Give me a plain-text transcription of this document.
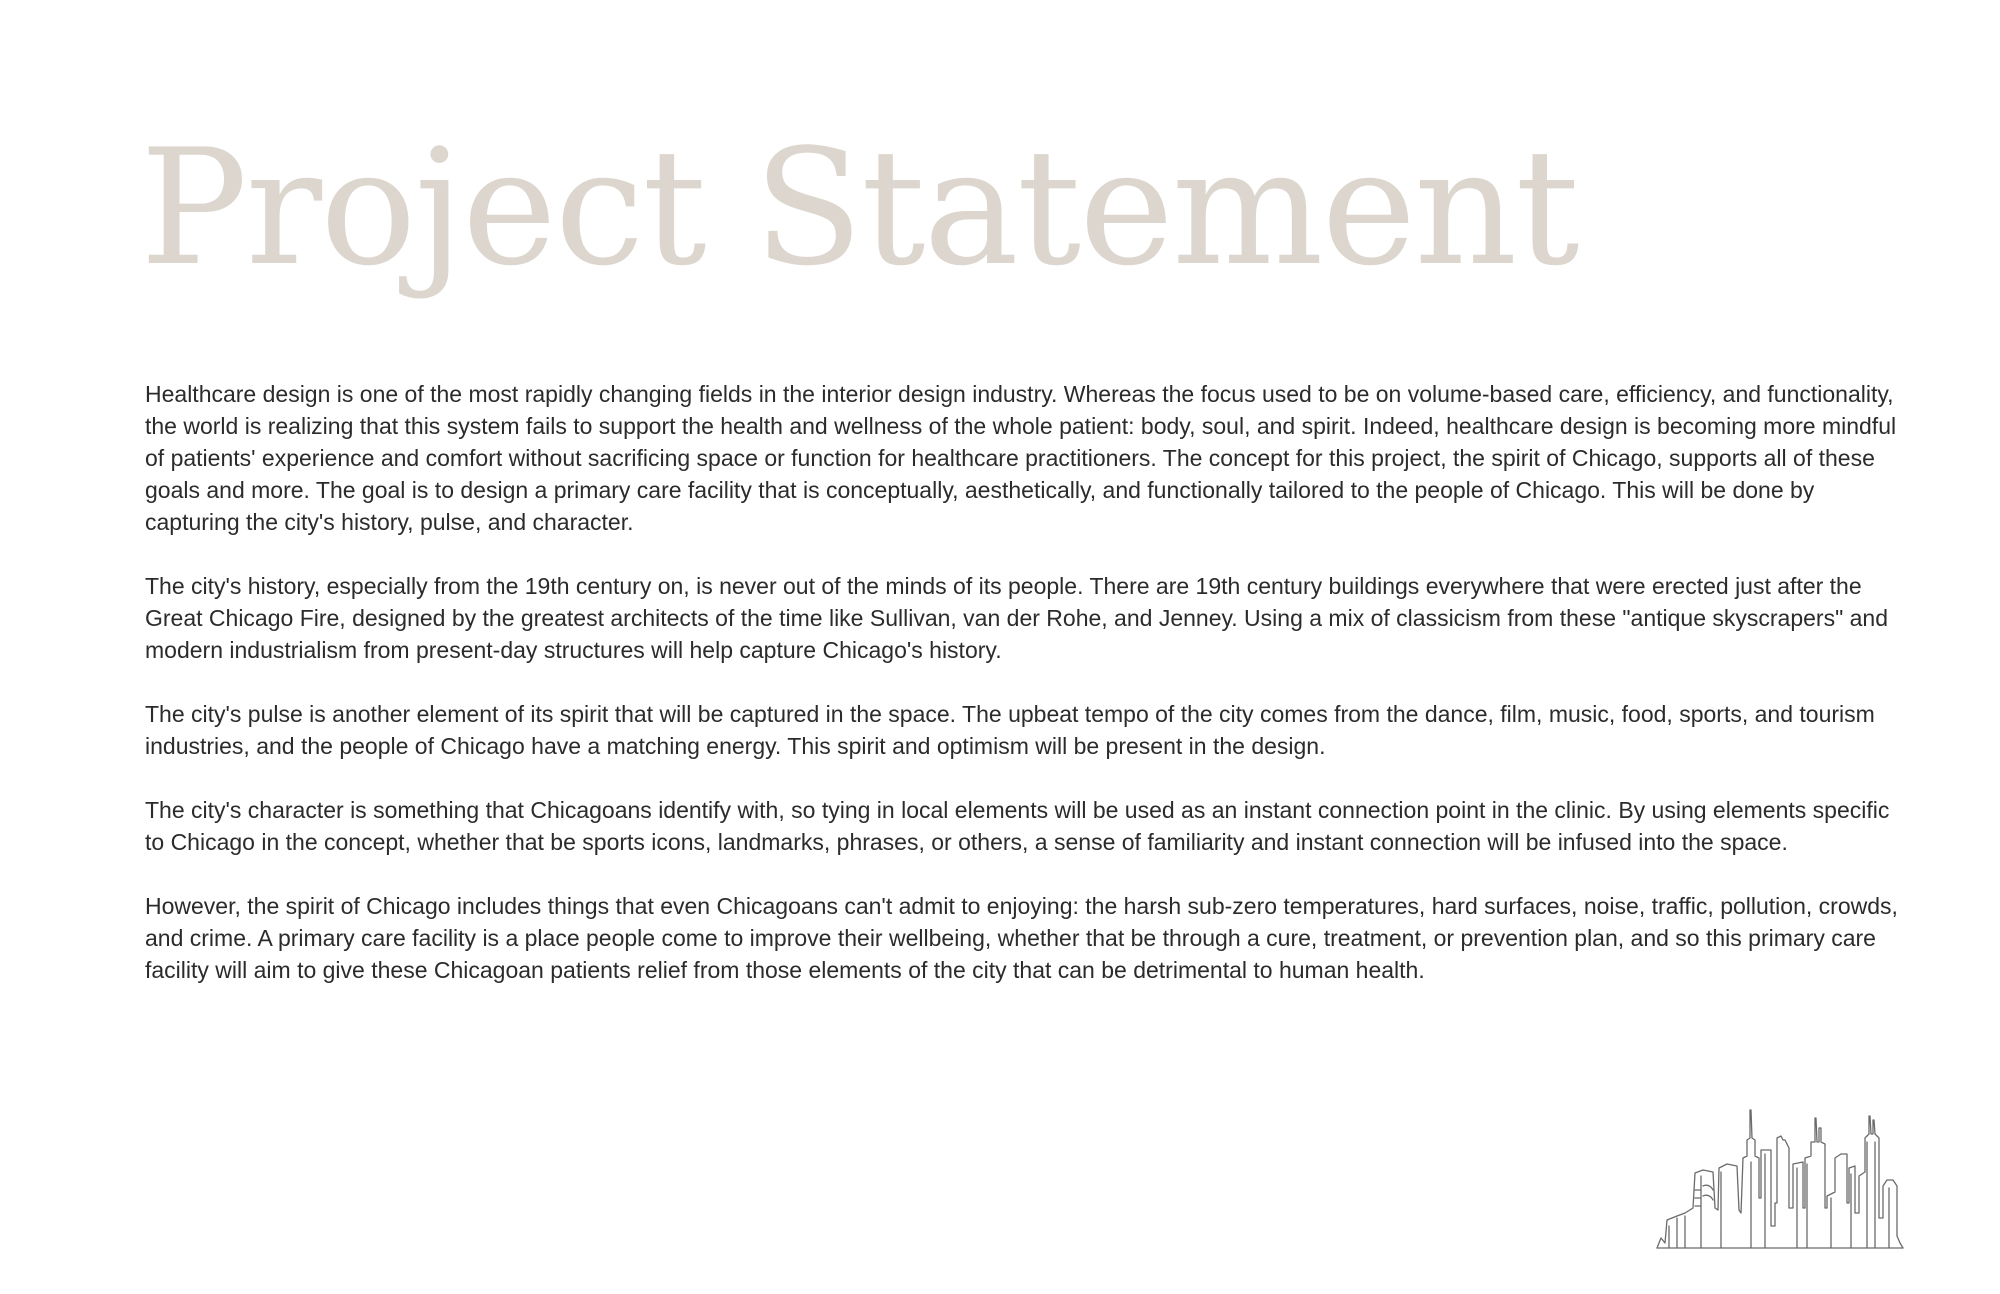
Project Statement

Healthcare design is one of the most rapidly changing fields in the interior design industry. Whereas the focus used to be on volume-based care, efficiency, and functionality, the world is realizing that this system fails to support the health and wellness of the whole patient: body, soul, and spirit. Indeed, healthcare design is becoming more mindful of patients' experience and comfort without sacrificing space or function for healthcare practitioners. The concept for this project, the spirit of Chicago, supports all of these goals and more. The goal is to design a primary care facility that is conceptually, aesthetically, and functionally tailored to the people of Chicago. This will be done by capturing the city's history, pulse, and character.

The city's history, especially from the 19th century on, is never out of the minds of its people. There are 19th century buildings everywhere that were erected just after the Great Chicago Fire, designed by the greatest architects of the time like Sullivan, van der Rohe, and Jenney. Using a mix of classicism from these "antique skyscrapers" and modern industrialism from present-day structures will help capture Chicago's history.

The city's pulse is another element of its spirit that will be captured in the space. The upbeat tempo of the city comes from the dance, film, music, food, sports, and tourism industries, and the people of Chicago have a matching energy. This spirit and optimism will be present in the design.

The city's character is something that Chicagoans identify with, so tying in local elements will be used as an instant connection point in the clinic. By using elements specific to Chicago in the concept, whether that be sports icons, landmarks, phrases, or others, a sense of familiarity and instant connection will be infused into the space.

However, the spirit of Chicago includes things that even Chicagoans can't admit to enjoying: the harsh sub-zero temperatures, hard surfaces, noise, traffic, pollution, crowds, and crime. A primary care facility is a place people come to improve their wellbeing, whether that be through a cure, treatment, or prevention plan, and so this primary care facility will aim to give these Chicagoan patients relief from those elements of the city that can be detrimental to human health.
